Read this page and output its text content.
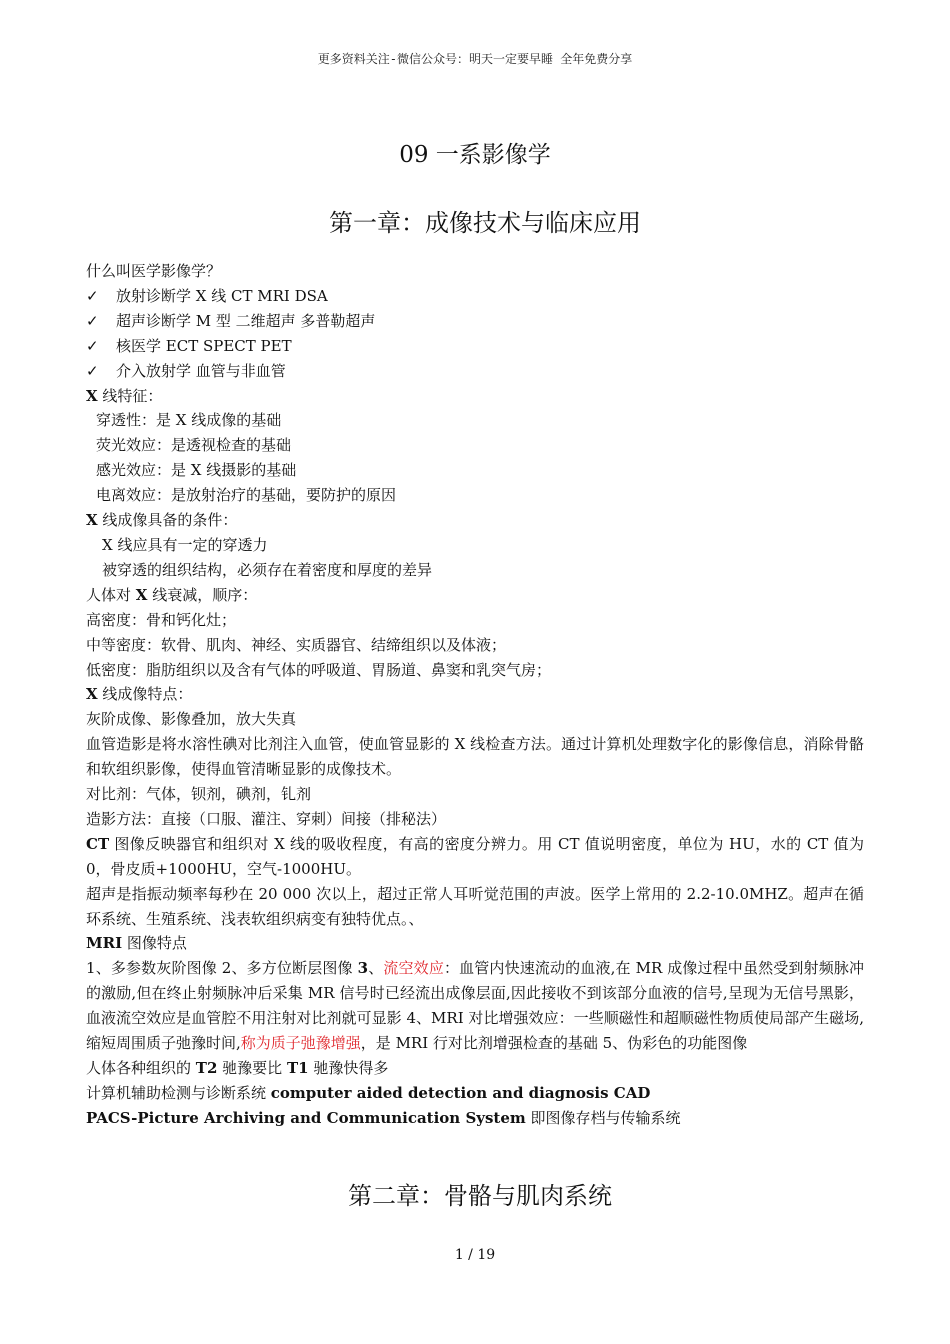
更多资料关注-微信公众号：明天一定要早睡 全年免费分享
09 一系影像学
第一章：成像技术与临床应用

什么叫医学影像学？

✓ 放射诊断学 X 线 CT MRI DSA

✓ 超声诊断学 M 型 二维超声 多普勒超声

✓ 核医学 ECT SPECT PET

✓ 介入放射学 血管与非血管

X 线特征：

穿透性：是 X 线成像的基础

荧光效应：是透视检查的基础

感光效应：是 X 线摄影的基础

电离效应：是放射治疗的基础，要防护的原因

X 线成像具备的条件：

X 线应具有一定的穿透力

被穿透的组织结构，必须存在着密度和厚度的差异

人体对 X 线衰减，顺序：

高密度：骨和钙化灶；

中等密度：软骨、肌肉、神经、实质器官、结缔组织以及体液；

低密度：脂肪组织以及含有气体的呼吸道、胃肠道、鼻窦和乳突气房；

X 线成像特点：

灰阶成像、影像叠加，放大失真

血管造影是将水溶性碘对比剂注入血管，使血管显影的 X 线检查方法。通过计算机处理数字化的影像信息，消除骨骼和软组织影像，使得血管清晰显影的成像技术。

对比剂：气体，钡剂，碘剂，钆剂

造影方法：直接（口服、灌注、穿刺）间接（排秘法）

CT 图像反映器官和组织对 X 线的吸收程度，有高的密度分辨力。用 CT 值说明密度，单位为 HU，水的 CT 值为 0，骨皮质+1000HU，空气-1000HU。

超声是指振动频率每秒在 20 000 次以上，超过正常人耳听觉范围的声波。医学上常用的 2.2-10.0MHZ。超声在循环系统、生殖系统、浅表软组织病变有独特优点。、

MRI 图像特点

1、多参数灰阶图像 2、多方位断层图像 3、流空效应：血管内快速流动的血液,在 MR 成像过程中虽然受到射频脉冲的激励,但在终止射频脉冲后采集 MR 信号时已经流出成像层面,因此接收不到该部分血液的信号,呈现为无信号黑影，血液流空效应是血管腔不用注射对比剂就可显影 4、MRI 对比增强效应：一些顺磁性和超顺磁性物质使局部产生磁场,缩短周围质子弛豫时间,称为质子弛豫增强，是 MRI 行对比剂增强检查的基础 5、伪彩色的功能图像

人体各种组织的 T2 驰豫要比 T1 驰豫快得多

计算机辅助检测与诊断系统 computer aided detection and diagnosis CAD

PACS-Picture Archiving and Communication System 即图像存档与传输系统

第二章：骨骼与肌肉系统
1 / 19
